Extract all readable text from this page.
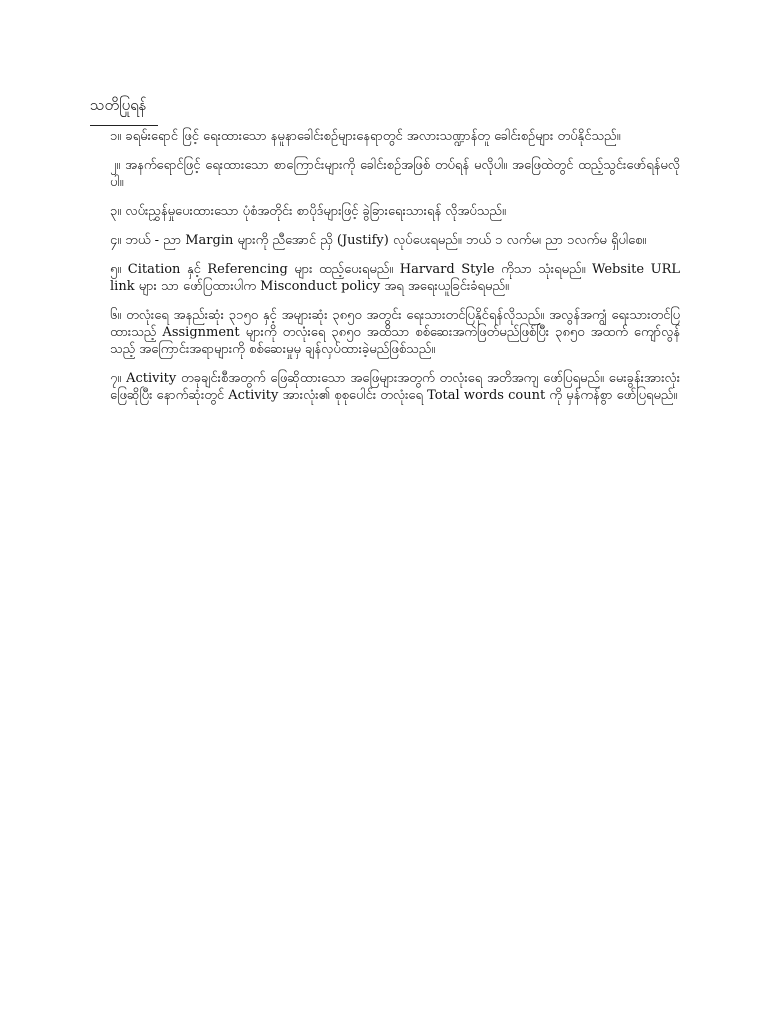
သတိပြုရန်
၁။ ခရမ်းရောင် ဖြင့် ရေးထားသော နမူနာခေါင်းစဉ်များနေရာတွင် အလားသဏ္ဍာန်တူ ခေါင်းစဉ်များ တပ်နိုင်သည်။
၂။ အနက်ရောင်ဖြင့် ရေးထားသော စာကြောင်းများကို ခေါင်းစဉ်အဖြစ် တပ်ရန် မလိုပါ။ အဖြေထဲတွင် ထည့်သွင်းဖော်ရန်မလိုပါ။
၃။ လပ်းညွှန်မှုပေးထားသော ပုံစံအတိုင်း စာပိုဒ်များဖြင့် ခွဲခြားရေးသားရန် လိုအပ်သည်။
၄။ ဘယ် - ညာ Margin များကို ညီအောင် ညှိ (Justify) လုပ်ပေးရမည်။ ဘယ် ၁ လက်မ၊ ညာ ၁လက်မ ရှိပါစေ။
၅။ Citation နှင့် Referencing များ ထည့်ပေးရမည်။ Harvard Style ကိုသာ သုံးရမည်။ Website URL link များ သာ ဖော်ပြထားပါက Misconduct policy အရ အရေးယူခြင်းခံရမည်။
၆။ တလုံးရေ အနည်းဆုံး ၃၁၅၀ နှင့် အများဆုံး ၃၈၅၀ အတွင်း ရေးသားတင်ပြနိုင်ရန်လိုသည်။ အလွန်အကျွံ ရေးသားတင်ပြထားသည့် Assignment များကို တလုံးရေ ၃၈၅၀ အထိသာ စစ်ဆေးအကဲဖြတ်မည်ဖြစ်ပြီး ၃၈၅၀ အထက် ကျော်လွန်သည့် အကြောင်းအရာများကို စစ်ဆေးမှုမှ ချန်လှပ်ထားခဲ့မည်ဖြစ်သည်။
၇။ Activity တခုချင်းစီအတွက် ဖြေဆိုထားသော အဖြေများအတွက် တလုံးရေ အတိအကျ ဖော်ပြရမည်။ မေးခွန်းအားလုံးဖြေဆိုပြီး နောက်ဆုံးတွင် Activity အားလုံး၏ စုစုပေါင်း တလုံးရေ Total words count ကို မှန်ကန်စွာ ဖော်ပြရမည်။
